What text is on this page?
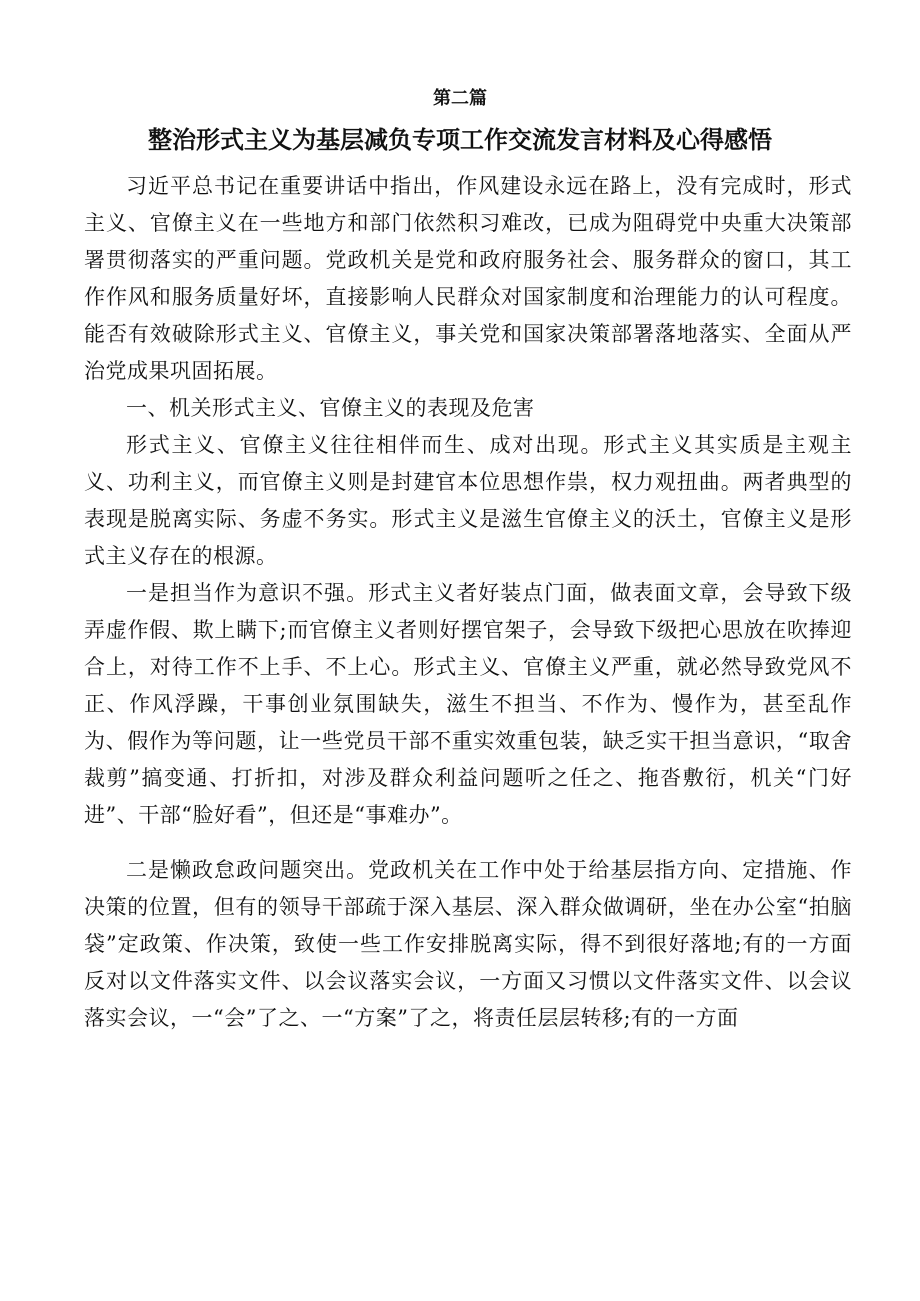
第二篇
整治形式主义为基层减负专项工作交流发言材料及心得感悟

习近平总书记在重要讲话中指出，作风建设永远在路上，没有完成时，形式主义、官僚主义在一些地方和部门依然积习难改，已成为阻碍党中央重大决策部署贯彻落实的严重问题。党政机关是党和政府服务社会、服务群众的窗口，其工作作风和服务质量好坏，直接影响人民群众对国家制度和治理能力的认可程度。能否有效破除形式主义、官僚主义，事关党和国家决策部署落地落实、全面从严治党成果巩固拓展。

一、机关形式主义、官僚主义的表现及危害

形式主义、官僚主义往往相伴而生、成对出现。形式主义其实质是主观主义、功利主义，而官僚主义则是封建官本位思想作祟，权力观扭曲。两者典型的表现是脱离实际、务虚不务实。形式主义是滋生官僚主义的沃土，官僚主义是形式主义存在的根源。

一是担当作为意识不强。形式主义者好装点门面，做表面文章，会导致下级弄虚作假、欺上瞒下;而官僚主义者则好摆官架子，会导致下级把心思放在吹捧迎合上，对待工作不上手、不上心。形式主义、官僚主义严重，就必然导致党风不正、作风浮躁，干事创业氛围缺失，滋生不担当、不作为、慢作为，甚至乱作为、假作为等问题，让一些党员干部不重实效重包装，缺乏实干担当意识，“取舍裁剪”搞变通、打折扣，对涉及群众利益问题听之任之、拖沓敷衍，机关“门好进”、干部“脸好看”，但还是“事难办”。

二是懒政怠政问题突出。党政机关在工作中处于给基层指方向、定措施、作决策的位置，但有的领导干部疏于深入基层、深入群众做调研，坐在办公室“拍脑袋”定政策、作决策，致使一些工作安排脱离实际，得不到很好落地;有的一方面反对以文件落实文件、以会议落实会议，一方面又习惯以文件落实文件、以会议落实会议，一“会”了之、一“方案”了之，将责任层层转移;有的一方面
